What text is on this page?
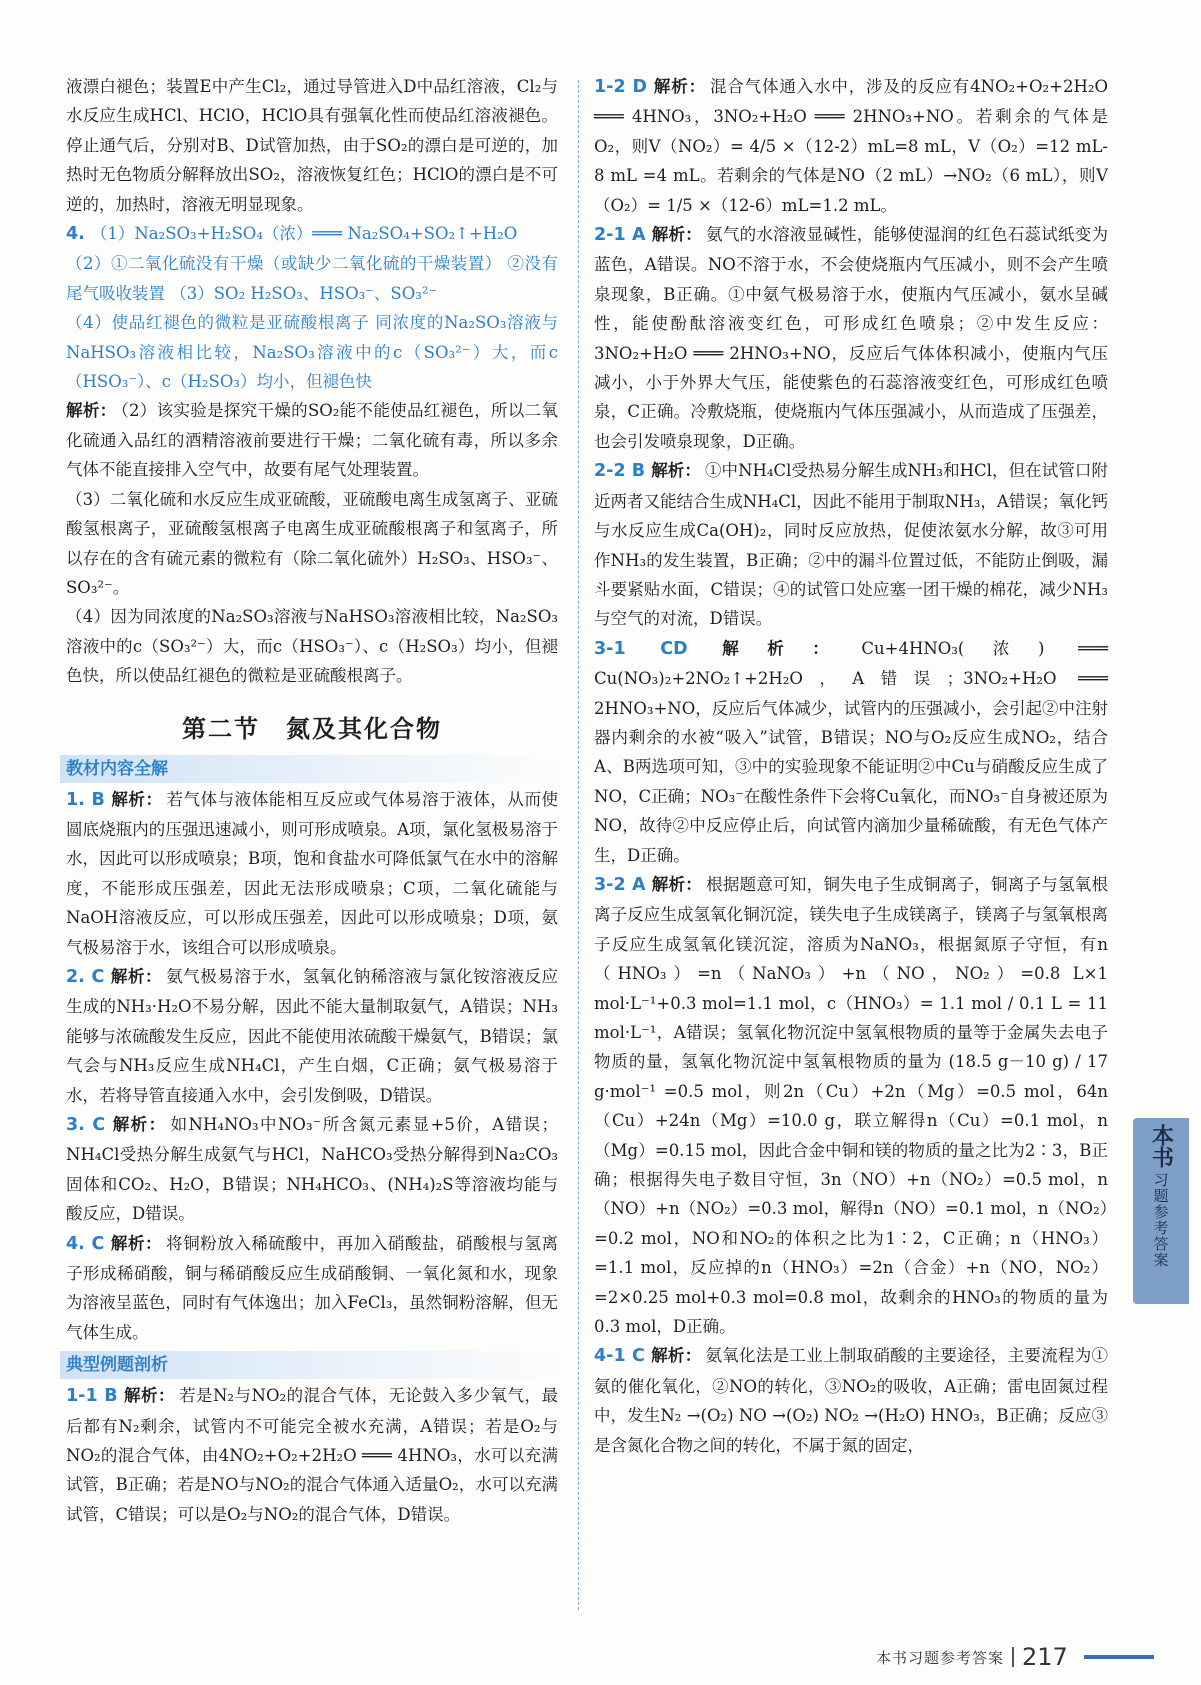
液漂白褪色；装置E中产生Cl₂，通过导管进入D中品红溶液，Cl₂与水反应生成HCl、HClO，HClO具有强氧化性而使品红溶液褪色。停止通气后，分别对B、D试管加热，由于SO₂的漂白是可逆的，加热时无色物质分解释放出SO₂，溶液恢复红色；HClO的漂白是不可逆的，加热时，溶液无明显现象。

4. （1）Na₂SO₃+H₂SO₄（浓）═══ Na₂SO₄+SO₂↑+H₂O

（2）①二氧化硫没有干燥（或缺少二氧化硫的干燥装置） ②没有尾气吸收装置 （3）SO₂ H₂SO₃、HSO₃⁻、SO₃²⁻

（4）使品红褪色的微粒是亚硫酸根离子 同浓度的Na₂SO₃溶液与NaHSO₃溶液相比较，Na₂SO₃溶液中的c（SO₃²⁻）大，而c（HSO₃⁻）、c（H₂SO₃）均小，但褪色快

解析： （2）该实验是探究干燥的SO₂能不能使品红褪色，所以二氧化硫通入品红的酒精溶液前要进行干燥；二氧化硫有毒，所以多余气体不能直接排入空气中，故要有尾气处理装置。

（3）二氧化硫和水反应生成亚硫酸，亚硫酸电离生成氢离子、亚硫酸氢根离子，亚硫酸氢根离子电离生成亚硫酸根离子和氢离子，所以存在的含有硫元素的微粒有（除二氧化硫外）H₂SO₃、HSO₃⁻、SO₃²⁻。

（4）因为同浓度的Na₂SO₃溶液与NaHSO₃溶液相比较，Na₂SO₃溶液中的c（SO₃²⁻）大，而c（HSO₃⁻）、c（H₂SO₃）均小，但褪色快，所以使品红褪色的微粒是亚硫酸根离子。

第二节　氮及其化合物
教材内容全解

1. B 解析： 若气体与液体能相互反应或气体易溶于液体，从而使圆底烧瓶内的压强迅速减小，则可形成喷泉。A项，氯化氢极易溶于水，因此可以形成喷泉；B项，饱和食盐水可降低氯气在水中的溶解度，不能形成压强差，因此无法形成喷泉；C项，二氧化硫能与NaOH溶液反应，可以形成压强差，因此可以形成喷泉；D项，氨气极易溶于水，该组合可以形成喷泉。

2. C 解析： 氨气极易溶于水，氢氧化钠稀溶液与氯化铵溶液反应生成的NH₃·H₂O不易分解，因此不能大量制取氨气，A错误；NH₃能够与浓硫酸发生反应，因此不能使用浓硫酸干燥氨气，B错误；氯气会与NH₃反应生成NH₄Cl，产生白烟，C正确；氨气极易溶于水，若将导管直接通入水中，会引发倒吸，D错误。

3. C 解析： 如NH₄NO₃中NO₃⁻所含氮元素显+5价，A错误；NH₄Cl受热分解生成氨气与HCl，NaHCO₃受热分解得到Na₂CO₃固体和CO₂、H₂O，B错误；NH₄HCO₃、(NH₄)₂S等溶液均能与酸反应，D错误。

4. C 解析： 将铜粉放入稀硫酸中，再加入硝酸盐，硝酸根与氢离子形成稀硝酸，铜与稀硝酸反应生成硝酸铜、一氧化氮和水，现象为溶液呈蓝色，同时有气体逸出；加入FeCl₃，虽然铜粉溶解，但无气体生成。

典型例题剖析

1-1 B 解析： 若是N₂与NO₂的混合气体，无论鼓入多少氧气，最后都有N₂剩余，试管内不可能完全被水充满，A错误；若是O₂与NO₂的混合气体，由4NO₂+O₂+2H₂O ═══ 4HNO₃，水可以充满试管，B正确；若是NO与NO₂的混合气体通入适量O₂，水可以充满试管，C错误；可以是O₂与NO₂的混合气体，D错误。

1-2 D 解析： 混合气体通入水中，涉及的反应有4NO₂+O₂+2H₂O ═══ 4HNO₃，3NO₂+H₂O ═══ 2HNO₃+NO。若剩余的气体是O₂，则V（NO₂）= 4/5 ×（12-2）mL=8 mL，V（O₂）=12 mL-8 mL =4 mL。若剩余的气体是NO（2 mL）→NO₂（6 mL），则V（O₂）= 1/5 ×（12-6）mL=1.2 mL。

2-1 A 解析： 氨气的水溶液显碱性，能够使湿润的红色石蕊试纸变为蓝色，A错误。NO不溶于水，不会使烧瓶内气压减小，则不会产生喷泉现象，B正确。①中氨气极易溶于水，使瓶内气压减小，氨水呈碱性，能使酚酞溶液变红色，可形成红色喷泉；②中发生反应：3NO₂+H₂O ═══ 2HNO₃+NO，反应后气体体积减小，使瓶内气压减小，小于外界大气压，能使紫色的石蕊溶液变红色，可形成红色喷泉，C正确。冷敷烧瓶，使烧瓶内气体压强减小，从而造成了压强差，也会引发喷泉现象，D正确。

2-2 B 解析： ①中NH₄Cl受热易分解生成NH₃和HCl，但在试管口附近两者又能结合生成NH₄Cl，因此不能用于制取NH₃，A错误；氧化钙与水反应生成Ca(OH)₂，同时反应放热，促使浓氨水分解，故③可用作NH₃的发生装置，B正确；②中的漏斗位置过低，不能防止倒吸，漏斗要紧贴水面，C错误；④的试管口处应塞一团干燥的棉花，减少NH₃与空气的对流，D错误。

3-1 CD 解析： Cu+4HNO₃(浓) ═══ Cu(NO₃)₂+2NO₂↑+2H₂O，A错误；3NO₂+H₂O ═══ 2HNO₃+NO，反应后气体减少，试管内的压强减小，会引起②中注射器内剩余的水被“吸入”试管，B错误；NO与O₂反应生成NO₂，结合A、B两选项可知，③中的实验现象不能证明②中Cu与硝酸反应生成了NO，C正确；NO₃⁻在酸性条件下会将Cu氧化，而NO₃⁻自身被还原为NO，故待②中反应停止后，向试管内滴加少量稀硫酸，有无色气体产生，D正确。

3-2 A 解析： 根据题意可知，铜失电子生成铜离子，铜离子与氢氧根离子反应生成氢氧化铜沉淀，镁失电子生成镁离子，镁离子与氢氧根离子反应生成氢氧化镁沉淀，溶质为NaNO₃，根据氮原子守恒，有n（HNO₃）=n（NaNO₃）+n（NO，NO₂）=0.8 L×1 mol·L⁻¹+0.3 mol=1.1 mol，c（HNO₃）= 1.1 mol / 0.1 L = 11 mol·L⁻¹，A错误；氢氧化物沉淀中氢氧根物质的量等于金属失去电子物质的量，氢氧化物沉淀中氢氧根物质的量为 (18.5 g－10 g) / 17 g·mol⁻¹ =0.5 mol，则2n（Cu）+2n（Mg）=0.5 mol，64n（Cu）+24n（Mg）=10.0 g，联立解得n（Cu）=0.1 mol，n（Mg）=0.15 mol，因此合金中铜和镁的物质的量之比为2∶3，B正确；根据得失电子数目守恒，3n（NO）+n（NO₂）=0.5 mol，n（NO）+n（NO₂）=0.3 mol，解得n（NO）=0.1 mol，n（NO₂）=0.2 mol，NO和NO₂的体积之比为1∶2，C正确；n（HNO₃）=1.1 mol，反应掉的n（HNO₃）=2n（合金）+n（NO，NO₂）=2×0.25 mol+0.3 mol=0.8 mol，故剩余的HNO₃的物质的量为0.3 mol，D正确。

4-1 C 解析： 氨氧化法是工业上制取硝酸的主要途径，主要流程为①氨的催化氧化，②NO的转化，③NO₂的吸收，A正确；雷电固氮过程中，发生N₂ →(O₂) NO →(O₂) NO₂ →(H₂O) HNO₃，B正确；反应③是含氮化合物之间的转化，不属于氮的固定，

本书
习题参考答案
本书习题参考答案 217
